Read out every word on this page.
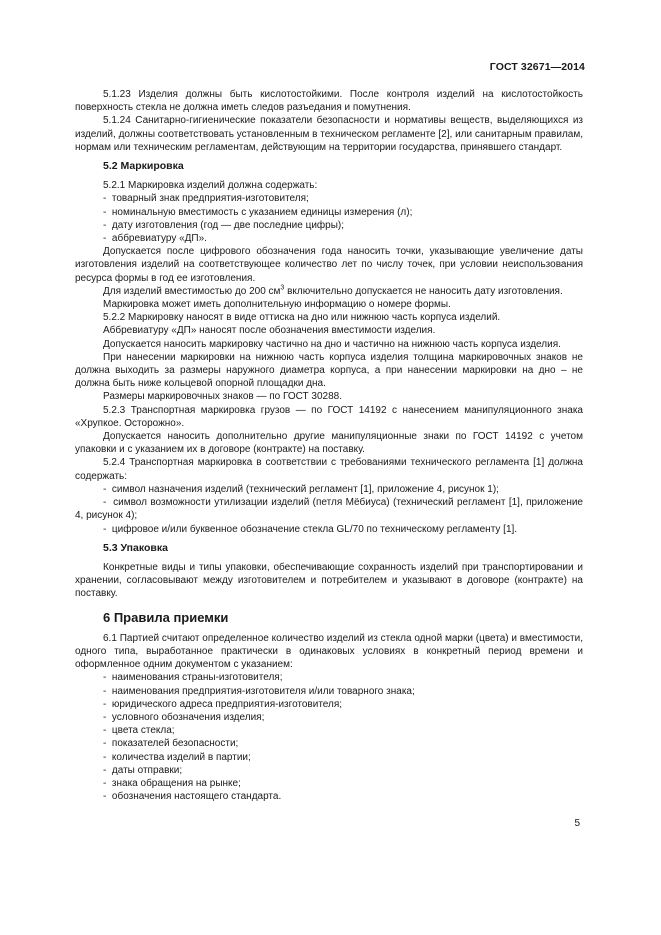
ГОСТ 32671—2014

5.1.23 Изделия должны быть кислотостойкими. После контроля изделий на кислотостойкость поверхность стекла не должна иметь следов разъедания и помутнения.

5.1.24 Санитарно-гигиенические показатели безопасности и нормативы веществ, выделяющихся из изделий, должны соответствовать установленным в техническом регламенте [2], или санитарным правилам, нормам или техническим регламентам, действующим на территории государства, принявшего стандарт.

5.2 Маркировка

5.2.1 Маркировка изделий должна содержать:

- товарный знак предприятия-изготовителя;

- номинальную вместимость с указанием единицы измерения (л);

- дату изготовления (год — две последние цифры);

- аббревиатуру «ДП».

Допускается после цифрового обозначения года наносить точки, указывающие увеличение даты изготовления изделий на соответствующее количество лет по числу точек, при условии неиспользования ресурса формы в год ее изготовления.

Для изделий вместимостью до 200 $см^3$ включительно допускается не наносить дату изготовления.

Маркировка может иметь дополнительную информацию о номере формы.

5.2.2 Маркировку наносят в виде оттиска на дно или нижнюю часть корпуса изделий.

Аббревиатуру «ДП» наносят после обозначения вместимости изделия.

Допускается наносить маркировку частично на дно и частично на нижнюю часть корпуса изделия.

При нанесении маркировки на нижнюю часть корпуса изделия толщина маркировочных знаков не должна выходить за размеры наружного диаметра корпуса, а при нанесении маркировки на дно – не должна быть ниже кольцевой опорной площадки дна.

Размеры маркировочных знаков — по ГОСТ 30288.

5.2.3 Транспортная маркировка грузов — по ГОСТ 14192 с нанесением манипуляционного знака «Хрупкое. Осторожно».

Допускается наносить дополнительно другие манипуляционные знаки по ГОСТ 14192 с учетом упаковки и с указанием их в договоре (контракте) на поставку.

5.2.4 Транспортная маркировка в соответствии с требованиями технического регламента [1] должна содержать:

- символ назначения изделий (технический регламент [1], приложение 4, рисунок 1);

- символ возможности утилизации изделий (петля Мёбиуса) (технический регламент [1], приложение 4, рисунок 4);

- цифровое и/или буквенное обозначение стекла GL/70 по техническому регламенту [1].

5.3 Упаковка

Конкретные виды и типы упаковки, обеспечивающие сохранность изделий при транспортировании и хранении, согласовывают между изготовителем и потребителем и указывают в договоре (контракте) на поставку.

6 Правила приемки

6.1 Партией считают определенное количество изделий из стекла одной марки (цвета) и вместимости, одного типа, выработанное практически в одинаковых условиях в конкретный период времени и оформленное одним документом с указанием:

- наименования страны-изготовителя;

- наименования предприятия-изготовителя и/или товарного знака;

- юридического адреса предприятия-изготовителя;

- условного обозначения изделия;

- цвета стекла;

- показателей безопасности;

- количества изделий в партии;

- даты отправки;

- знака обращения на рынке;

- обозначения настоящего стандарта.

5
